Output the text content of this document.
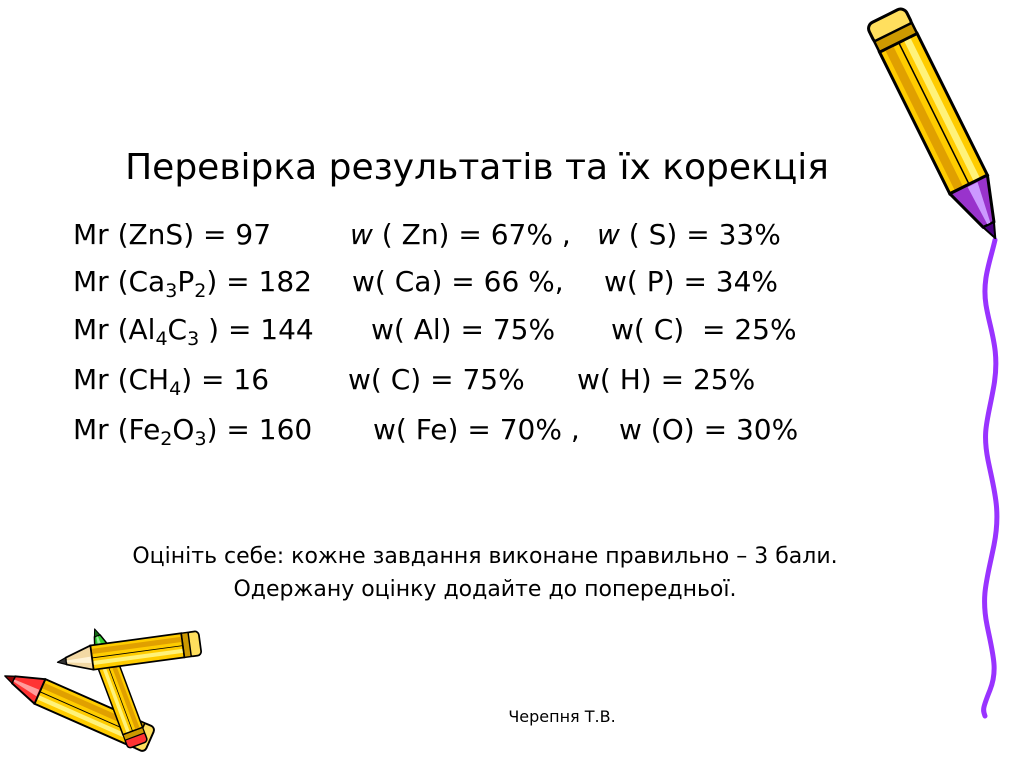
Перевірка результатів та їх корекція
Mr (ZnS) = 97	w ( Zn) = 67% , w ( S) = 33%
Mr (Ca 3 P 2 ) = 182 w ( Ca) = 66 %, w ( P) = 34%
Mr (Al 4 C 3 ) = 144 w ( Al) = 75% w ( C)  = 25%
Mr (CH 4 ) = 16	w ( C) = 75% w ( H) = 25%
Mr (Fe 2 O 3 ) = 160 w ( Fe) = 70% , w (O) = 30%
Оцініть себе: кожне завдання виконане правильно – 3 бали.
Одержану оцінку додайте до попередньої.
Черепня Т.В.
